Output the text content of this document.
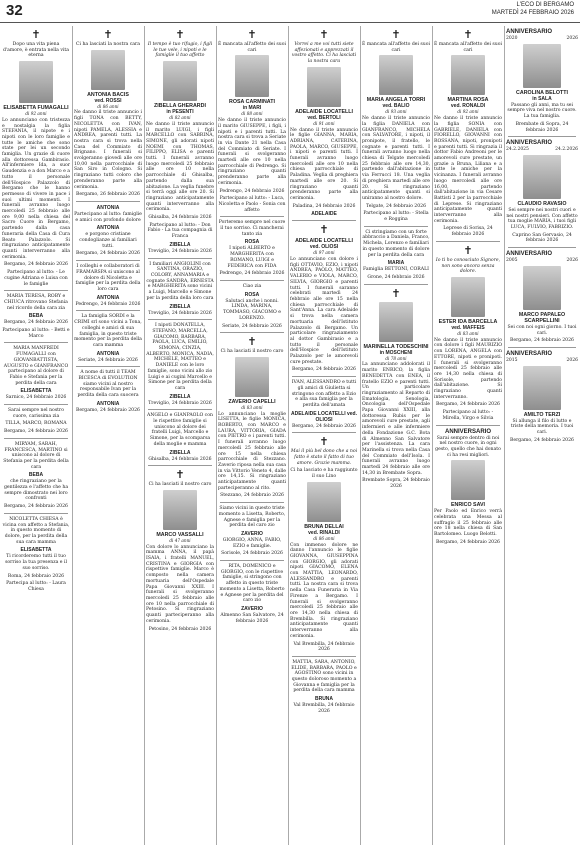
32	L'ECO DI BERGAMO
MARTEDÌ 24 FEBBRAIO 2026
✝

Dopo una vita piena d'amore, è entrata nella vita eterna

ELISABETTA FUMAGALLI
di 92 anni

Lo annunciano con tristezza e nostalgia la figlia STEFANIA, il nipote e i nipoti con le loro famiglie e tutte le amiche che sono state per lei un secondo famiglia. Un grazie di cuore alla dottoressa Gambirasio. All'infermiere Ida, a suor Gaudenzia e a don Marco e a tutto il personale dell'Hospice Palazzolo di Bergamo che le hanno permesso di vivere in pace i suoi ultimi momenti. I funerali avranno luogo mercoledì 25 febbraio alle ore 9,00 nella chiesa del Sacro Cuore in Bergamo, partendo dalla casa funeraria della Casa di Cura Beato Palazzolo. Si ringraziano anticipatamente quanti interverranno alla cerimonia.

Bergamo, 24 febbraio 2026

Partecipano al lutto: - Le cugine Adriana e Luisa con le famiglie

MARIA TERESA, ROBY e CHIUCA ritrovano Stefania nel ricordo della cara zia

BEBA

Bergamo, 24 febbraio 2026

Partecipano al lutto: - Betti e Marco

MARIA MANFREDI FUMAGALLI con GIOVANBATTISTA, AUGUSTO e GIANFRANCO partecipano al dolore di Fabio e Stefania per la perdita della cara

ELISABETTA

Sarnico, 24 febbraio 2026

Sarai sempre nel nostro cuore, carissima zia

TILLA, MARCO, ROMANA

Bergamo, 24 febbraio 2026

MIRYAM, SARAH, FRANCESCA, MARTINO si uniscono al dolore di Stefania per la perdita della cara

BEBA

che ringraziano per la gentilezza e l'affetto che ha sempre dimostrato nei loro confronti

Bergamo, 24 febbraio 2026

NICOLETTA CHIESA è vicina con affetto a Stefania, in questo momento di dolore, per la perdita della sua cara mamma

ELISABETTA

Ti ricorderemo tutti il tuo sorriso la tua presenza e il suo sorriso.

Roma, 24 febbraio 2026

Partecipa al lutto: - Laura Chiesa

✝

Ci ha lasciati la nostra cara

ANTONIA BACIS
ved. ROSSI
di 86 anni

Ne danno il triste annuncio i figli TONA con BETTY, NICOLETTA con IVAN, nipoti PAMELA, ALESSIA e ANDREA, parenti tutti. La nostra cara si trova nella Casa del Commiato di Brignano. I funerali si svolgeranno giovedì alle ore 10,00 nella parrocchiale di San Siro in Cologno. Si ringraziano tutti coloro che prenderanno parte alla cerimonia.

Bergamo, 26 febbraio 2026

ANTONIA

Partecipano al lutto: famiglie e amici con profondo dolore

ANTONIA

e porgono cristiane condoglianze ai familiari tutti.

Bergamo, 24 febbraio 2026

I colleghi e collaboratori di FRAMARSPA si uniscono al dolore di Nicoletta e famiglie per la perdita della loro cara

ANTONIA

Pedrengo, 24 febbraio 2026

La famiglia SORDI e la CRIMI srl sono vicini a Tona, colleghi e amici di sua famiglia, in questo triste momento per la perdita della cara mamma

ANTONIA

Seriate, 24 febbraio 2026

A nome di tutti il TEAM BICESCA di EVOLUTION siamo vicini al nostro responsabile Ivan per la perdita della cara suocera

ANTONIA

Bergamo, 24 febbraio 2026

✝

Il tempo è tuo rifugio, i figli le tue vele, i nipoti e le famiglie il tuo affetto

ZIBELLA GHERARDI
in PESENTI
di 82 anni

Ne danno il triste annuncio il marito LUIGI, i figli MARCELLO con SABRINA, SIMONE, gli adorati nipoti NOEMI con THOMAS, FILIPPO, ELISA e parenti tutti. I funerali avranno luogo mercoledì 25 febbraio alle ore 10 nella parrocchiale di Ghisalba, partendo dalla sua abitazione. La veglia funebre si terrà oggi alle ore 20. Si ringraziano anticipatamente quanti interverranno alla cerimonia.

Ghisalba, 24 febbraio 2026

Partecipano al lutto: - Don Fabio - La tua compagnia di Franca

ZIBELLA

Treviglio, 24 febbraio 2026

I familiari ANGIOLINI con SANTINA, ORAZIO, COLORY, ANNAMARIA e cognate SANDRA, ERNESTA e MARGHERITA sono vicini a Luigi, Marcello e Simone per la perdita della loro cara

ZIBELLA

Treviglio, 24 febbraio 2026

I nipoti DONATELLA, STEFANO, MARCELLA, GIACOMO, BARBARA, PAOLA, LUCA, EMILIO, SIMONA, CINZIA, ALBERTO, MONICA, NADIA, MICHELE, MATTEO e DANIELE con le loro famiglie, sono vicini allo zio Luigi e ai cugini Marcello e Simone per la perdita della cara

ZIBELLA

Treviglio, 24 febbraio 2026

ANGELO e GIANPAOLO con le rispettive famiglie si uniscono al dolore dei fratelli Luigi, Marcello e Simone, per la scomparsa della moglie e mamma

ZIBELLA

Ghisalba, 24 febbraio 2026

✝

Ci ha lasciati il nostro caro

MARCO VASSALLI
di 47 anni

Con dolore lo annunciano la mamma ANNA, il papà ISAIA, i fratelli MANUEL, CRISTINA e GIORGIA con rispettive famiglie. Marco è composto nella camera mortuaria dell'Ospedale Papa Giovanni XXIII. I funerali si svolgeranno mercoledì 25 febbraio alle ore 10 nella parrocchiale di Petosino. Si ringraziano quanti parteciperanno alla cerimonia.

Petosino, 24 febbraio 2026

✝

È mancata all'affetto dei suoi cari

ROSA CARMINATI
in MARI
di 88 anni

Ne danno il triste annuncio il marito GIUSEPPE, i figli, i nipoti e i parenti tutti. La nostra cara si trova a Seriate in via Dante 21 nella Casa del Commiato di Seriate. I funerali si svolgeranno martedì alle ore 10 nella parrocchiale di Pedrengo. Si ringraziano quanti prenderanno parte alla cerimonia.

Pedrengo, 24 febbraio 2026

Partecipano al lutto: - Luca, Nicoletta e Paolo - Sonia con affetto

Porteremo sempre nel cuore il tuo sorriso. Ci mancherai tanto zia

ROSA

I nipoti ALBERTO e MARGHERITA con ROMANO, LUIGI e FEDERICA con FIDA

Pedrengo, 24 febbraio 2026

Ciao zia

ROSA

Salutaci anche i nonni. LINDA, MARINA, TOMMASO, GIACOMO e LORENZO.

Seriate, 24 febbraio 2026

✝

Ci ha lasciati il nostro caro

ZAVERIO CAPELLI
di 83 anni

Lo annunciano la moglie LISETTA, le figlie MONICA, ROBERTO, con MARCO e LAURA, VITTORIA, GIADA con PIETRO e i parenti tutti. I funerali avranno luogo mercoledì 25 febbraio alle ore 15 nella chiesa parrocchiale di Stezzano. Zaverio riposa nella sua casa in via Vittorio Veneto 4, dalle ore 14,15. Si ringraziano anticipatamente quanti parteciperanno al rito.

Stezzano, 24 febbraio 2026

Siamo vicini in questo triste momento a Lisetta, Roberto, Agnese e famiglia per la perdita del caro zio

ZAVERIO

GIORGIO, ANNA, FABIO, EZIO e famiglie.

Sorisole, 24 febbraio 2026

RITA, DOMENICO e GIORGIO, con le rispettive famiglie, si stringono con affetto in questo triste momento a Lisetta, Roberto e Agnese per la perdita del caro zio

ZAVERIO

Almenno San Salvatore, 24 febbraio 2026

✝

Vorrei a me voi tutti siete affezionati e apprezzati il vostro affetto. Ci ha lasciati la nostra cara

ADELAIDE LOCATELLI
ved. BERTOLI
di 91 anni

Ne danno il triste annuncio le figlie GIANNA, MARIA, ADRIANA, CATERINA, PAOLA, MARCO, GIUSEPPE, i nipoti e parenti tutti. I funerali avranno luogo mercoledì alle ore 10 nella chiesa parrocchiale di Paladina. Veglia di preghiera martedì alle ore 20. Si ringraziano quanti prenderanno parte alla cerimonia.

Paladina, 24 febbraio 2026

ADELAIDE
✝
ADELAIDE LOCATELLI
ved. OLIOSI
di 97 anni

Lo annunciano con dolore i figli OTTAVIO, EZIO, i nipoti ANDREA, PAOLO, MATTEO, VALERIO e VIOLA, MARCO, SILVIA, GIORGIO e parenti tutti. I funerali saranno celebrati martedì 24 febbraio alle ore 15 nella chiesa parrocchiale di Sant'Anna. La cara Adelaide si trova nella camera mortuaria dell'Istituto Palazzolo di Bergamo. Un particolare ringraziamento al dottor Gambirasio e a tutto il personale dell'Hospice dell'Istituto Palazzolo per le amorevoli cure prestate.

Bergamo, 24 febbraio 2026

IVAN, ALESSANDRO e tutti gli amici di Giulietta si stringono con affetto a Ezio e alla sua famiglia per la perdita dell'amata

ADELAIDE LOCATELLI ved. OLIOSI

Bergamo, 24 febbraio 2026

✝

Mai il più bel dono che a noi fatto è stato il fatto di tuo amore. Grazie mamma.

Ci ha lasciato e ha raggiunto il suo Lino

BRUNA DELLAI
ved. RINALDI
di 86 anni

Con immenso dolore ne danno l'annuncio le figlie GIOVANNA, GIUSEPPINA con GIORGIO, gli adorati nipoti GIACOMO, ELENA con MATTIA, LEONARDO, ALESSANDRO e parenti tutti. La nostra cara si trova nella Casa Funeraria in Via Firenze a Bergamo. I funerali si svolgeranno mercoledì 25 febbraio alle ore 14,30 nella chiesa di Brembilla. Si ringraziano anticipatamente quanti interverranno alla cerimonia.

Val Brembilla, 24 febbraio 2026

MATTIA, SARA, ANTONIO, ELIDE, BARBARA, PAOLO e AGOSTINO sono vicini in questo doloroso momento a Giovanna e famiglia per la perdita della cara mamma

BRUNA

Val Brembilla, 24 febbraio 2026

✝

È mancata all'affetto dei suoi cari

MARIA ANGELA TORRI
ved. BALIO
di 93 anni

Ne danno il triste annuncio la figlia DANIELA con GIANFRANCO, MICHELA con SALVATORE, i nipoti, il pronipote, il fratello, le cognate e parenti tutti. I funerali avranno luogo nella chiesa di Telgate mercoledì 25 febbraio alle ore 14,30, partendo dall'abitazione in via Ferrucci 18. Una veglia di preghiera martedì alle ore 20. Si ringraziano anticipatamente quanti si uniranno al nostro dolore.

Telgate, 24 febbraio 2026

Partecipano al lutto: - Stella e Roggina

Ci stringiamo con un forte abbraccio a Daniela, Franco, Michela, Lorenzo e familiari in questo momento di dolore per la perdita della cara

MARIA

Famiglia BETTONI, CORALI

Grone, 24 febbraio 2026

✝
MARINELLA TODESCHINI
in MOSCHENI
di 78 anni

La annunciano addolorati il marito ENRICO, la figlia BENEDETTA con ENEA, il fratello EZIO e parenti tutti. Un particolare ringraziamento al Reparto di Ematologia, Senologia, Oncologia dell'Ospedale Papa Giovanni XXIII, alla dottoressa Rubis per le amorevoli cure prestate, agli infermieri e alle infermiere della Fondazione G.C. Bota di Almenno San Salvatore per l'assistenza. La cara Marinella si trova nella Casa del Commiato dell'Isola. I funerali avranno luogo martedì 24 febbraio alle ore 14,30 in Brembate Sopra.

Brembate Sopra, 24 febbraio 2026

✝

È mancata all'affetto dei suoi cari

MARTINA ROSA
ved. RONALDI
di 92 anni

Ne danno il triste annuncio la figlia SONIA con GABRIELE, DANIELA con FIORELLO, GIOVANNI con ROSSANA, nipoti, pronipoti e parenti tutti. Si ringrazia il dottor Fabio Andreoni per le amorevoli cure prestate, un grazie a Bruna, Liliana e a tutte le amiche per la vicinanza. I funerali avranno luogo mercoledì alle ore 16,00, partendo dall'abitazione in via Cesare Battisti 2 per la parrocchiale di Leprese. Si ringraziano anticipatamente quanti interverranno alla cerimonia.

Leprese di Sorisa, 24 febbraio 2026

✝

Io ti ho conosciuto Signore, non sono ancora senza dolore.

ESTER IDA BARCELLA
ved. MAFFEIS
di 83 anni

Ne danno il triste annuncio con dolore i figli MAURIZIO con LORENA, ANGELA con ETTORE, nipoti e pronipoti. I funerali si svolgeranno mercoledì 25 febbraio alle ore 14,30 nella chiesa di Sorisole, partendo dall'abitazione. Si ringraziano quanti interverranno.

Bergamo, 24 febbraio 2026

Partecipano al lutto: - Mirella, Virgo e Silvia

ANNIVERSARIO

Sarai sempre dentro di noi nel nostro cuore, in ogni gesto, quello che hai donato ci ha resi migliori.

ENRICO SAVI

Per Paolo ed Enrico verrà celebrata una Messa al suffragio il 25 febbraio alle ore 18 nella chiesa di San Bartolomeo. Luogo Belotti.

Bergamo, 24 febbraio 2026

ANNIVERSARIO
2020	2026
CAROLINA BELOTTI
in SALA

Passano gli anni, ma tu sei sempre viva nel nostro cuore. La tua famiglia.

Brembate di Sopra, 24 febbraio 2026

ANNIVERSARIO
24.2.2025	24.2.2026
CLAUDIO RAVASIO

Sei sempre nei nostri cuori e nei nostri pensieri. Con affetto tua moglie MARIA, i tuoi figli LUCA, FULVIO, FABRIZIO.

Caprino San Gervasio, 24 febbraio 2026

ANNIVERSARIO
2005	2026
MARCO PAPALEO SCARPELLINI

Sei con noi ogni giorno. I tuoi cari.

Bergamo, 24 febbraio 2026

ANNIVERSARIO
2015	2026
AMILTO TERZI

Si allunga il filo di lutto e triste della memoria. I tuoi cari.

Bergamo, 24 febbraio 2026
